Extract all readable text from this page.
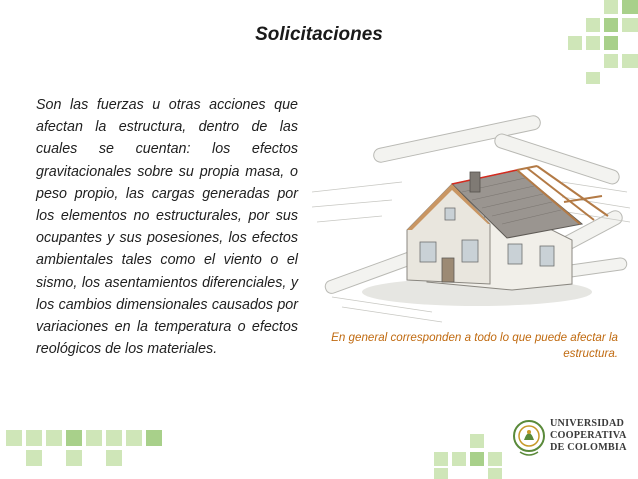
Solicitaciones

Son las fuerzas u otras acciones que afectan la estructura, dentro de las cuales se cuentan: los efectos gravitacionales sobre su propia masa, o peso propio, las cargas generadas por los elementos no estructurales, por sus ocupantes y sus posesiones, los efectos ambientales tales como el viento o el sismo, los asentamientos diferenciales, y los cambios dimensionales causados por variaciones en la temperatura o efectos reológicos de los materiales.

En general corresponden a todo lo que puede afectar la estructura.

UNIVERSIDAD
COOPERATIVA
DE COLOMBIA
